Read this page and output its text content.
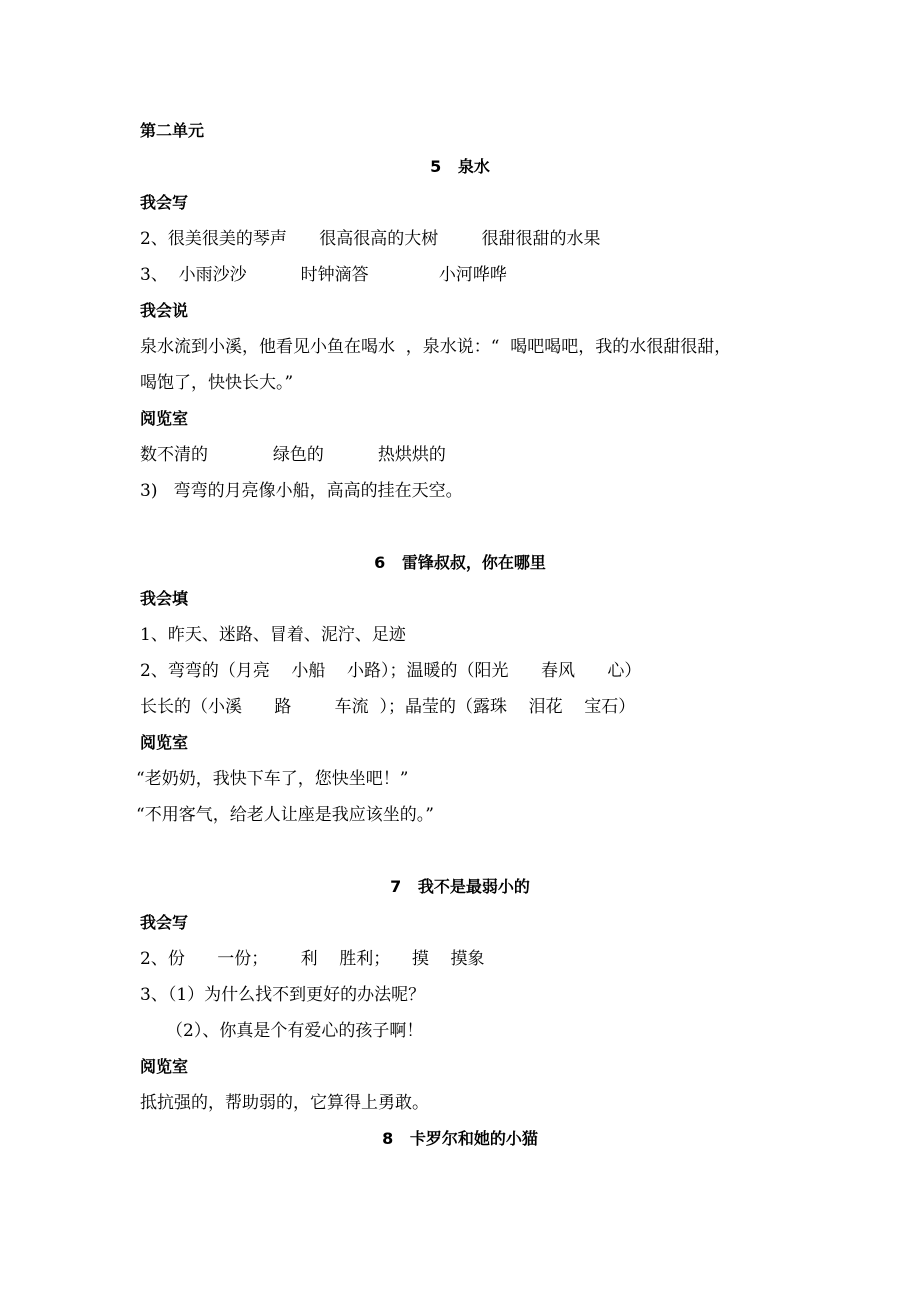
第二单元
5   泉水
我会写
2、很美很美的琴声      很高很高的大树        很甜很甜的水果
3、  小雨沙沙          时钟滴答             小河哗哗
我会说
泉水流到小溪，他看见小鱼在喝水  ，泉水说：“  喝吧喝吧，我的水很甜很甜，
喝饱了，快快长大。”
阅览室
数不清的            绿色的          热烘烘的
3)   弯弯的月亮像小船，高高的挂在天空。
6   雷锋叔叔，你在哪里
我会填
1、昨天、迷路、冒着、泥泞、足迹
2、弯弯的（月亮    小船    小路）；温暖的（阳光      春风      心）
长长的（小溪      路        车流  ）；晶莹的（露珠    泪花    宝石）
阅览室
“老奶奶，我快下车了，您快坐吧！”
“不用客气，给老人让座是我应该坐的。”
7   我不是最弱小的
我会写
2、份      一份；      利    胜利；    摸    摸象
3、（1）为什么找不到更好的办法呢？
（2）、你真是个有爱心的孩子啊！
阅览室
抵抗强的，帮助弱的，它算得上勇敢。
8   卡罗尔和她的小猫
